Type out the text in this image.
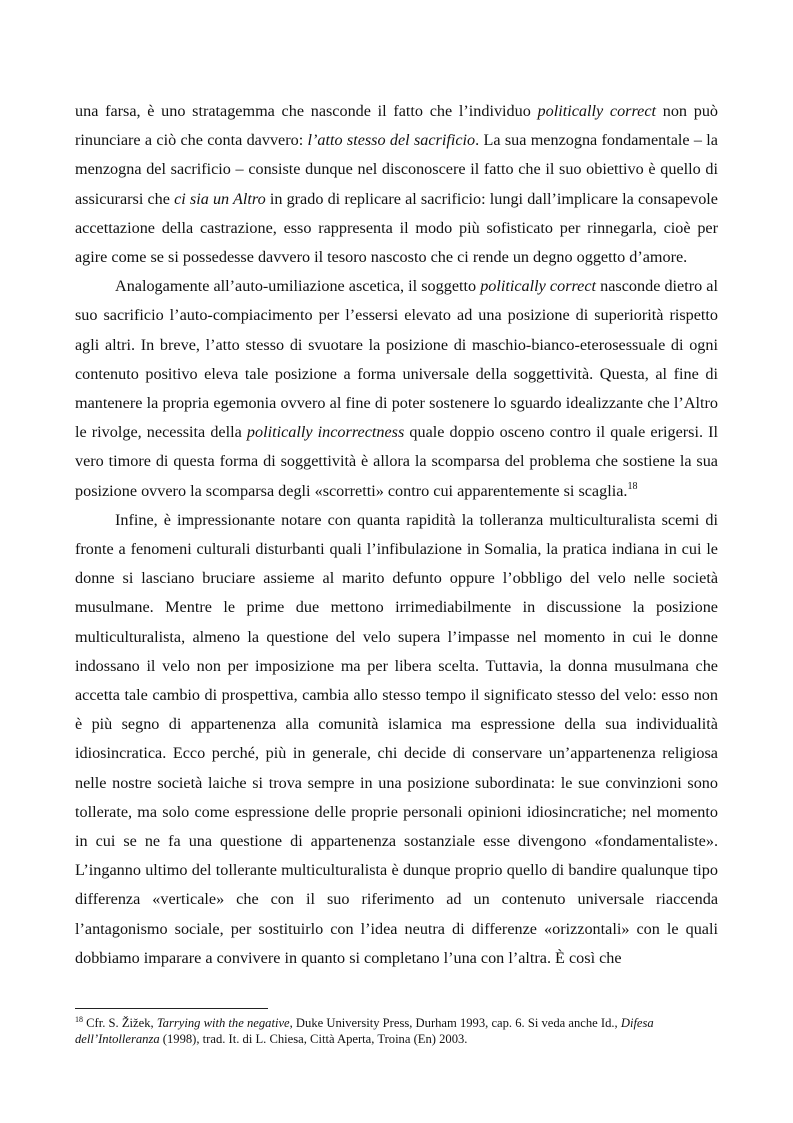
una farsa, è uno stratagemma che nasconde il fatto che l’individuo politically correct non può rinunciare a ciò che conta davvero: l’atto stesso del sacrificio. La sua menzogna fondamentale – la menzogna del sacrificio – consiste dunque nel disconoscere il fatto che il suo obiettivo è quello di assicurarsi che ci sia un Altro in grado di replicare al sacrificio: lungi dall’implicare la consapevole accettazione della castrazione, esso rappresenta il modo più sofisticato per rinnegarla, cioè per agire come se si possedesse davvero il tesoro nascosto che ci rende un degno oggetto d’amore.

Analogamente all’auto-umiliazione ascetica, il soggetto politically correct nasconde dietro al suo sacrificio l’auto-compiacimento per l’essersi elevato ad una posizione di superiorità rispetto agli altri. In breve, l’atto stesso di svuotare la posizione di maschio-bianco-eterosessuale di ogni contenuto positivo eleva tale posizione a forma universale della soggettività. Questa, al fine di mantenere la propria egemonia ovvero al fine di poter sostenere lo sguardo idealizzante che l’Altro le rivolge, necessita della politically incorrectness quale doppio osceno contro il quale erigersi. Il vero timore di questa forma di soggettività è allora la scomparsa del problema che sostiene la sua posizione ovvero la scomparsa degli «scorretti» contro cui apparentemente si scaglia.$^{18}$

Infine, è impressionante notare con quanta rapidità la tolleranza multiculturalista scemi di fronte a fenomeni culturali disturbanti quali l’infibulazione in Somalia, la pratica indiana in cui le donne si lasciano bruciare assieme al marito defunto oppure l’obbligo del velo nelle società musulmane. Mentre le prime due mettono irrimediabilmente in discussione la posizione multiculturalista, almeno la questione del velo supera l’impasse nel momento in cui le donne indossano il velo non per imposizione ma per libera scelta. Tuttavia, la donna musulmana che accetta tale cambio di prospettiva, cambia allo stesso tempo il significato stesso del velo: esso non è più segno di appartenenza alla comunità islamica ma espressione della sua individualità idiosincratica. Ecco perché, più in generale, chi decide di conservare un’appartenenza religiosa nelle nostre società laiche si trova sempre in una posizione subordinata: le sue convinzioni sono tollerate, ma solo come espressione delle proprie personali opinioni idiosincratiche; nel momento in cui se ne fa una questione di appartenenza sostanziale esse divengono «fondamentaliste». L’inganno ultimo del tollerante multiculturalista è dunque proprio quello di bandire qualunque tipo differenza «verticale» che con il suo riferimento ad un contenuto universale riaccenda l’antagonismo sociale, per sostituirlo con l’idea neutra di differenze «orizzontali» con le quali dobbiamo imparare a convivere in quanto si completano l’una con l’altra. È così che

$^{18}$ Cfr. S. Žižek, Tarrying with the negative, Duke University Press, Durham 1993, cap. 6. Si veda anche Id., Difesa dell’Intolleranza (1998), trad. It. di L. Chiesa, Città Aperta, Troina (En) 2003.
